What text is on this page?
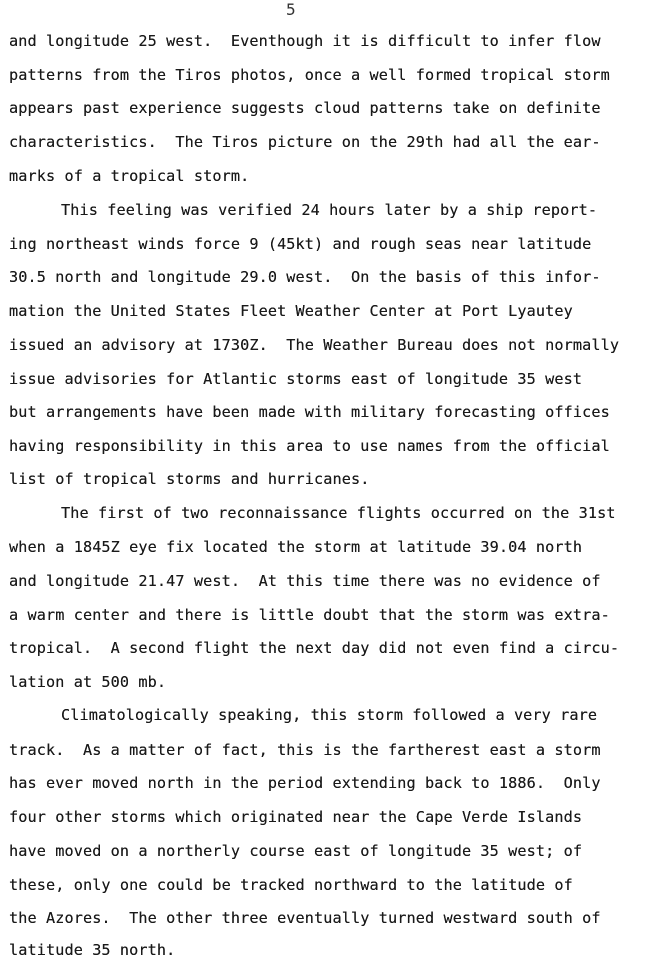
5
and longitude 25 west.  Eventhough it is difficult to infer flow
patterns from the Tiros photos, once a well formed tropical storm
appears past experience suggests cloud patterns take on definite
characteristics.  The Tiros picture on the 29th had all the ear-
marks of a tropical storm.
This feeling was verified 24 hours later by a ship report-
ing northeast winds force 9 (45kt) and rough seas near latitude
30.5 north and longitude 29.0 west.  On the basis of this infor-
mation the United States Fleet Weather Center at Port Lyautey
issued an advisory at 1730Z.  The Weather Bureau does not normally
issue advisories for Atlantic storms east of longitude 35 west
but arrangements have been made with military forecasting offices
having responsibility in this area to use names from the official
list of tropical storms and hurricanes.
The first of two reconnaissance flights occurred on the 31st
when a 1845Z eye fix located the storm at latitude 39.04 north
and longitude 21.47 west.  At this time there was no evidence of
a warm center and there is little doubt that the storm was extra-
tropical.  A second flight the next day did not even find a circu-
lation at 500 mb.
Climatologically speaking, this storm followed a very rare
track.  As a matter of fact, this is the fartherest east a storm
has ever moved north in the period extending back to 1886.  Only
four other storms which originated near the Cape Verde Islands
have moved on a northerly course east of longitude 35 west; of
these, only one could be tracked northward to the latitude of
the Azores.  The other three eventually turned westward south of
latitude 35 north.
